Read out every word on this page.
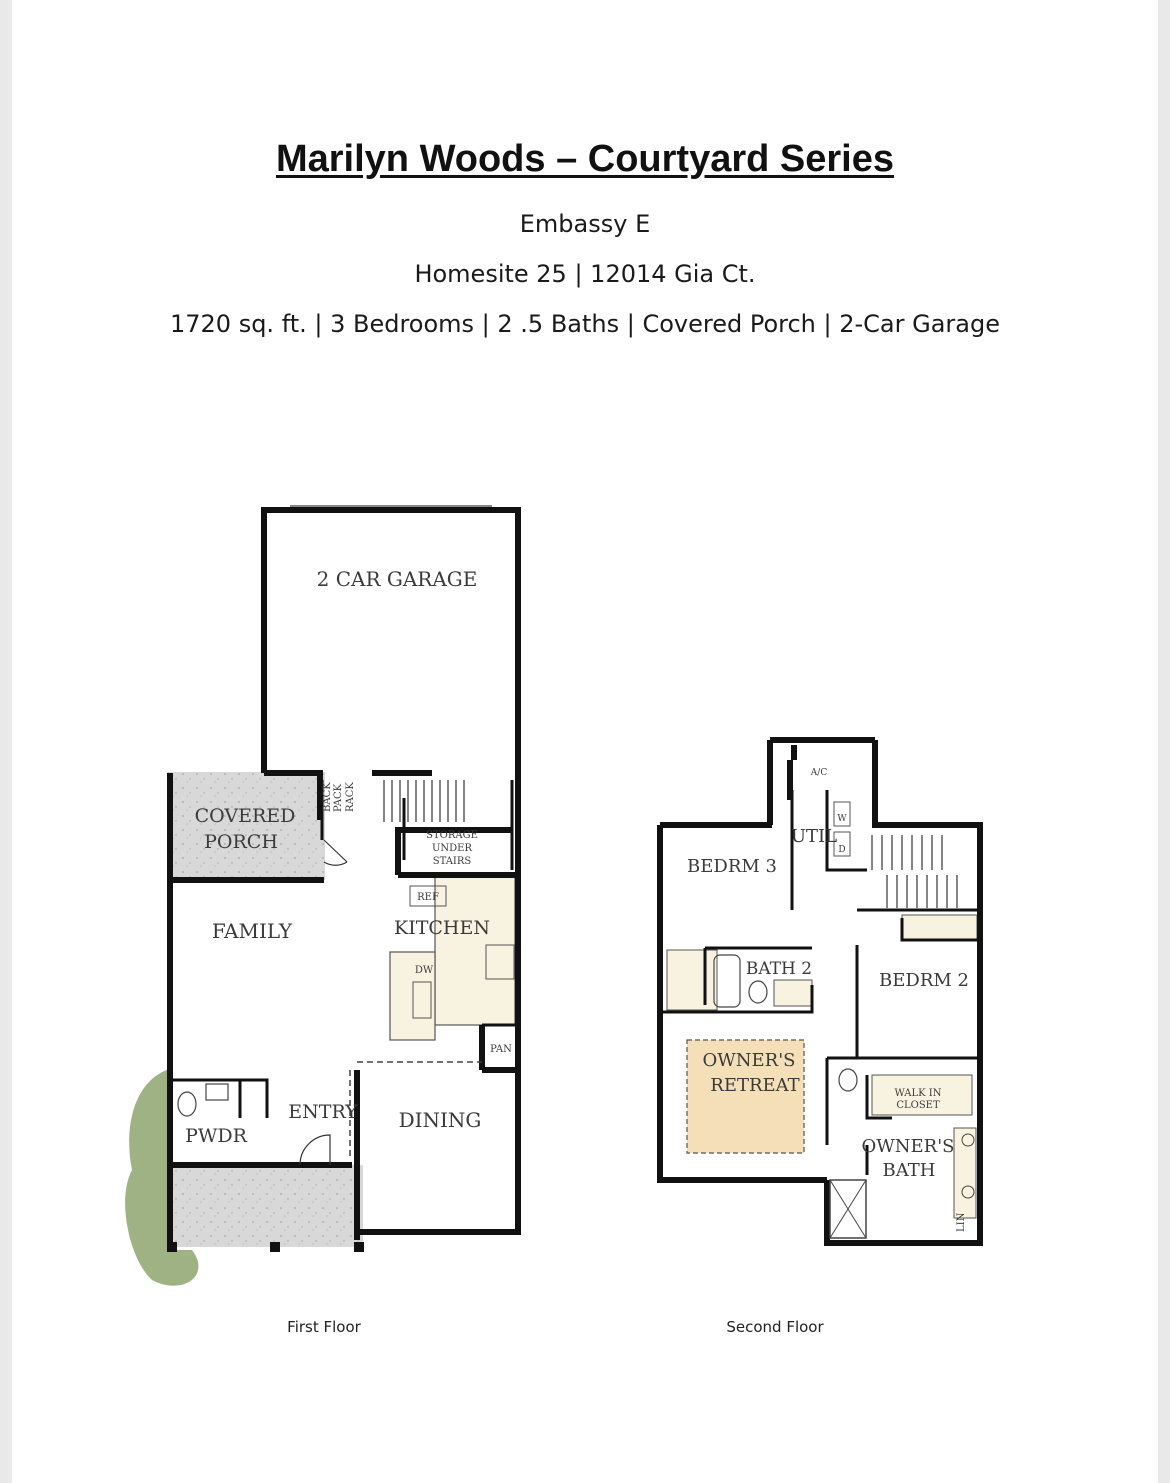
Marilyn Woods – Courtyard Series
Embassy E
Homesite 25 | 12014 Gia Ct.
1720 sq. ft. | 3 Bedrooms | 2 .5 Baths | Covered Porch | 2-Car Garage
First Floor	Second Floor
2 CAR GARAGE
COVERED
PORCH
BACK PACK RACK
STORAGE
UNDER
STAIRS
REF
KITCHEN
DW
PAN
FAMILY
ENTRY
PWDR
DINING
A/C
UTIL
W
D
BEDRM 3
BATH 2
BEDRM 2
OWNER'S
RETREAT	WALK IN
CLOSET
OWNER'S
BATH
LIN
